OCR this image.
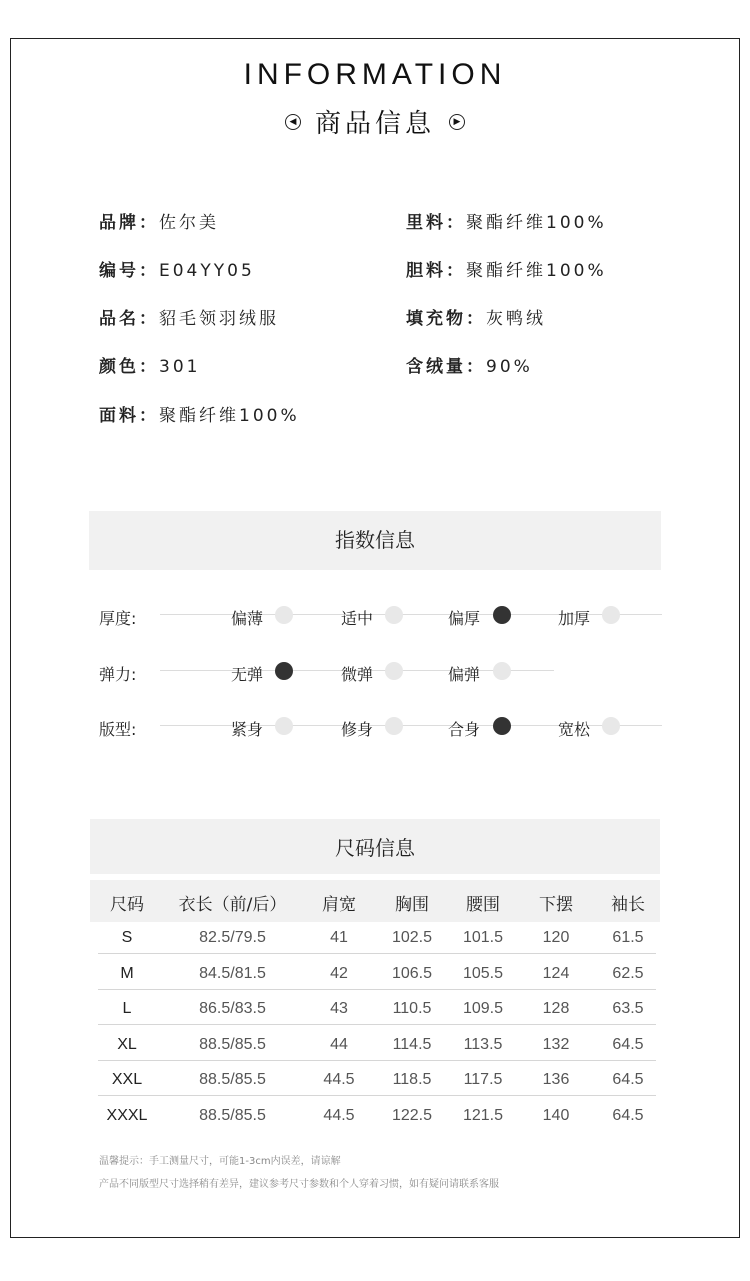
INFORMATION
◀ 商品信息 ▶
品牌：佐尔美
编号：E04YY05
品名：貂毛领羽绒服
颜色：301
面料：聚酯纤维100%
里料：聚酯纤维100%
胆料：聚酯纤维100%
填充物：灰鸭绒
含绒量：90%
指数信息
厚度:	偏薄	适中	偏厚	加厚
弹力:	无弹	微弹	偏弹
版型:	紧身	修身	合身	宽松
尺码信息
尺码	衣长（前/后）	肩宽	胸围	腰围	下摆	袖长
S	82.5/79.5	41	102.5	101.5	120	61.5
M	84.5/81.5	42	106.5	105.5	124	62.5
L	86.5/83.5	43	110.5	109.5	128	63.5
XL	88.5/85.5	44	114.5	113.5	132	64.5
XXL	88.5/85.5	44.5	118.5	117.5	136	64.5
XXXL	88.5/85.5	44.5	122.5	121.5	140	64.5
温馨提示：手工测量尺寸，可能1-3cm内误差，请谅解
产品不同版型尺寸选择稍有差异，建议参考尺寸参数和个人穿着习惯，如有疑问请联系客服
